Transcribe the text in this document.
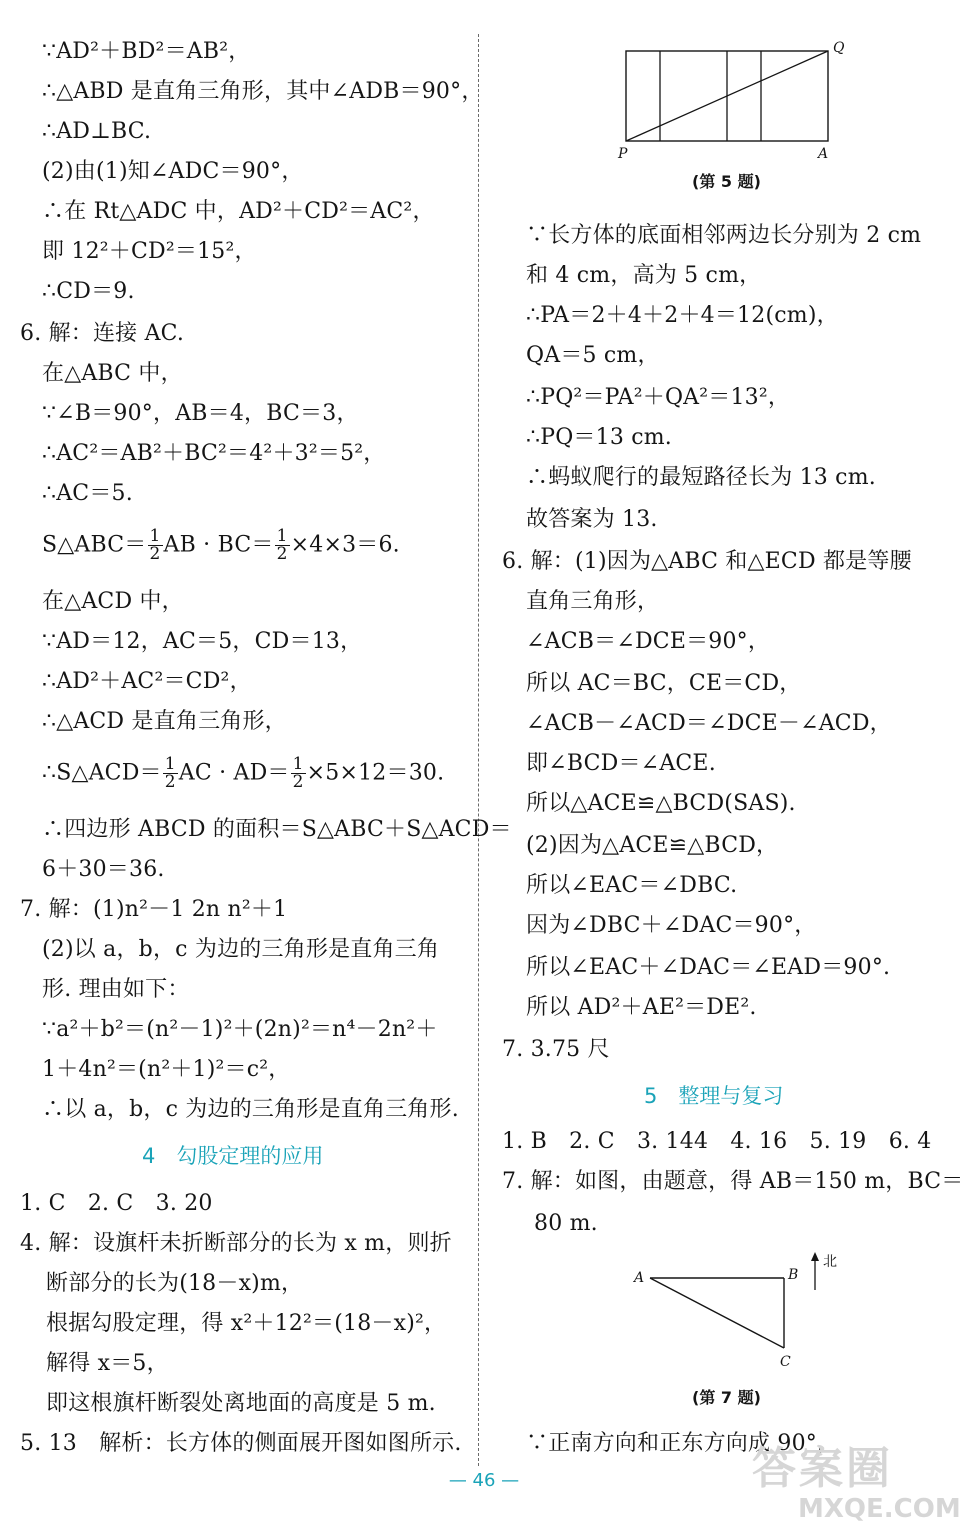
∵AD²＋BD²＝AB²，
∴△ABD 是直角三角形，其中∠ADB＝90°，
∴AD⊥BC.
(2)由(1)知∠ADC＝90°，
∴在 Rt△ADC 中，AD²＋CD²＝AC²，
即 12²＋CD²＝15²，
∴CD＝9.
6. 解：连接 AC.
在△ABC 中，
∵∠B＝90°，AB＝4，BC＝3，
∴AC²＝AB²＋BC²＝4²＋3²＝5²，
∴AC＝5.
S△ABC＝ $\frac{1}{2}$ AB · $BC= \frac{1}{2} \times 4\times 3=6$.
在△ACD 中，
∵AD＝12，AC＝5，CD＝13，
∴AD²＋AC²＝CD²，
∴△ACD 是直角三角形，
∴S△ACD＝ $\frac{1}{2}$ AC · $AD= \frac{1}{2} \times 5\times 12=30$.
∴四边形 ABCD 的面积＝S△ABC＋S△ACD＝
6＋30＝36.
7. 解：(1)n²－1 2n n²＋1
(2)以 a，b，c 为边的三角形是直角三角
形. 理由如下：
∵a²＋b²＝(n²－1)²＋(2n)²＝n⁴－2n²＋
1＋4n²＝(n²＋1)²＝c²，
∴以 a，b，c 为边的三角形是直角三角形.
4　勾股定理的应用
1. C　2. C　3. 20
4. 解：设旗杆未折断部分的长为 x m，则折
断部分的长为(18－x)m，
根据勾股定理，得 x²＋12²＝(18－x)²，
解得 x＝5，
即这根旗杆断裂处离地面的高度是 5 m.
5. 13　解析：长方体的侧面展开图如图所示.
P	A
Q
(第 5 题)
∵长方体的底面相邻两边长分别为 2 cm
和 4 cm，高为 5 cm，
∴PA＝2＋4＋2＋4＝12(cm)，
QA＝5 cm，
∴PQ²＝PA²＋QA²＝13²，
∴PQ＝13 cm.
∴蚂蚁爬行的最短路径长为 13 cm.
故答案为 13.
6. 解：(1)因为△ABC 和△ECD 都是等腰
直角三角形，
∠ACB＝∠DCE＝90°，
所以 AC＝BC，CE＝CD，
∠ACB－∠ACD＝∠DCE－∠ACD，
即∠BCD＝∠ACE.
所以△ACE≌△BCD(SAS).
(2)因为△ACE≌△BCD，
所以∠EAC＝∠DBC.
因为∠DBC＋∠DAC＝90°，
所以∠EAC＋∠DAC＝∠EAD＝90°.
所以 AD²＋AE²＝DE².
7. 3.75 尺
5　整理与复习
1. B　2. C　3. 144　4. 16　5. 19　6. 4
7. 解：如图，由题意，得 AB＝150 m，BC＝
80 m.
A	B
C
北
(第 7 题)
∵正南方向和正东方向成 90°，
— 46 —	答案圈
MXQE.COM
